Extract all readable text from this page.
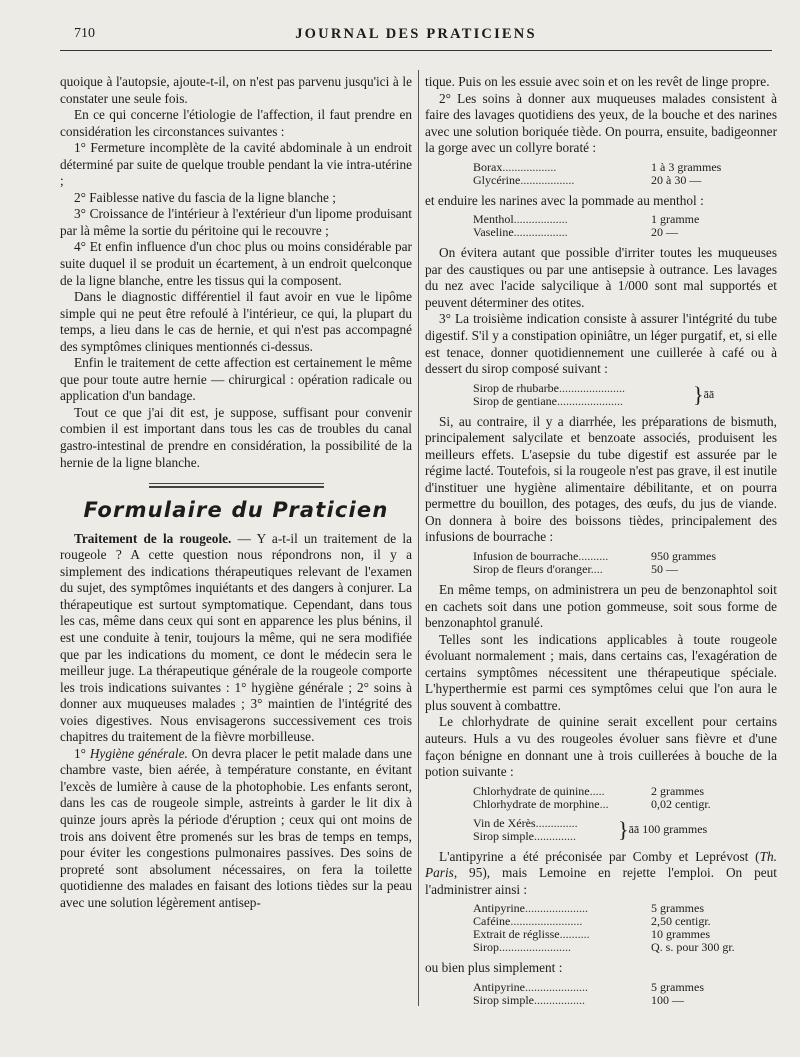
710	JOURNAL DES PRATICIENS

quoique à l'autopsie, ajoute-t-il, on n'est pas parvenu jusqu'ici à le constater une seule fois.

En ce qui concerne l'étiologie de l'affection, il faut prendre en considération les circonstances suivantes :

1° Fermeture incomplète de la cavité abdominale à un endroit déterminé par suite de quelque trouble pendant la vie intra-utérine ;

2° Faiblesse native du fascia de la ligne blanche ;

3° Croissance de l'intérieur à l'extérieur d'un lipome produisant par là même la sortie du péritoine qui le recouvre ;

4° Et enfin influence d'un choc plus ou moins considérable par suite duquel il se produit un écartement, à un endroit quelconque de la ligne blanche, entre les tissus qui la composent.

Dans le diagnostic différentiel il faut avoir en vue le lipôme simple qui ne peut être refoulé à l'intérieur, ce qui, la plupart du temps, a lieu dans le cas de hernie, et qui n'est pas accompagné des symptômes cliniques mentionnés ci-dessus.

Enfin le traitement de cette affection est certainement le même que pour toute autre hernie — chirurgical : opération radicale ou application d'un bandage.

Tout ce que j'ai dit est, je suppose, suffisant pour convenir combien il est important dans tous les cas de troubles du canal gastro-intestinal de prendre en considération, la possibilité de la hernie de la ligne blanche.

Formulaire du Praticien

Traitement de la rougeole. — Y a-t-il un traitement de la rougeole ? A cette question nous répondrons non, il y a simplement des indications thérapeutiques relevant de l'examen du sujet, des symptômes inquiétants et des dangers à conjurer. La thérapeutique est surtout symptomatique. Cependant, dans tous les cas, même dans ceux qui sont en apparence les plus bénins, il est une conduite à tenir, toujours la même, qui ne sera modifiée que par les indications du moment, ce dont le médecin sera le meilleur juge. La thérapeutique générale de la rougeole comporte les trois indications suivantes : 1° hygiène générale ; 2° soins à donner aux muqueuses malades ; 3° maintien de l'intégrité des voies digestives. Nous envisagerons successivement ces trois chapitres du traitement de la fièvre morbilleuse.

1° Hygiène générale. On devra placer le petit malade dans une chambre vaste, bien aérée, à température constante, en évitant l'excès de lumière à cause de la photophobie. Les enfants seront, dans les cas de rougeole simple, astreints à garder le lit dix à quinze jours après la période d'éruption ; ceux qui ont moins de trois ans doivent être promenés sur les bras de temps en temps, pour éviter les congestions pulmonaires passives. Des soins de propreté sont absolument nécessaires, on fera la toilette quotidienne des malades en faisant des lotions tièdes sur la peau avec une solution légèrement antisep-

tique. Puis on les essuie avec soin et on les revêt de linge propre.

2° Les soins à donner aux muqueuses malades consistent à faire des lavages quotidiens des yeux, de la bouche et des narines avec une solution boriquée tiède. On pourra, ensuite, badigeonner la gorge avec un collyre boraté :

Borax..................	1 à 3 grammes
Glycérine..................	20 à 30 —

et enduire les narines avec la pommade au menthol :

Menthol..................	1 gramme
Vaseline..................	20 —

On évitera autant que possible d'irriter toutes les muqueuses par des caustiques ou par une antisepsie à outrance. Les lavages du nez avec l'acide salycilique à 1/000 sont mal supportés et peuvent déterminer des otites.

3° La troisième indication consiste à assurer l'intégrité du tube digestif. S'il y a constipation opiniâtre, un léger purgatif, et, si elle est tenace, donner quotidiennement une cuillerée à café ou à dessert du sirop composé suivant :

Sirop de rhubarbe......................	}	āā
Sirop de gentiane......................

Si, au contraire, il y a diarrhée, les préparations de bismuth, principalement salycilate et benzoate associés, produisent les meilleurs effets. L'asepsie du tube digestif est assurée par le régime lacté. Toutefois, si la rougeole n'est pas grave, il est inutile d'instituer une hygiène alimentaire débilitante, et on pourra permettre du bouillon, des potages, des œufs, du jus de viande. On donnera à boire des boissons tièdes, principalement des infusions de bourrache :

Infusion de bourrache..........	950 grammes
Sirop de fleurs d'oranger....	50 —

En même temps, on administrera un peu de benzonaphtol soit en cachets soit dans une potion gommeuse, soit sous forme de benzonaphtol granulé.

Telles sont les indications applicables à toute rougeole évoluant normalement ; mais, dans certains cas, l'exagération de certains symptômes nécessitent une thérapeutique spéciale. L'hyperthermie est parmi ces symptômes celui que l'on aura le plus souvent à combattre.

Le chlorhydrate de quinine serait excellent pour certains auteurs. Huls a vu des rougeoles évoluer sans fièvre et d'une façon bénigne en donnant une à trois cuillerées à bouche de la potion suivante :

Chlorhydrate de quinine.....	2 grammes
Chlorhydrate de morphine...	0,02 centigr.
Vin de Xérès..............	}	āā 100 grammes
Sirop simple..............

L'antipyrine a été préconisée par Comby et Leprévost (Th. Paris, 95), mais Lemoine en rejette l'emploi. On peut l'administrer ainsi :

Antipyrine.....................	5 grammes
Caféine........................	2,50 centigr.
Extrait de réglisse..........	10 grammes
Sirop........................	Q. s. pour 300 gr.

ou bien plus simplement :

Antipyrine.....................	5 grammes
Sirop simple.................	100 —
